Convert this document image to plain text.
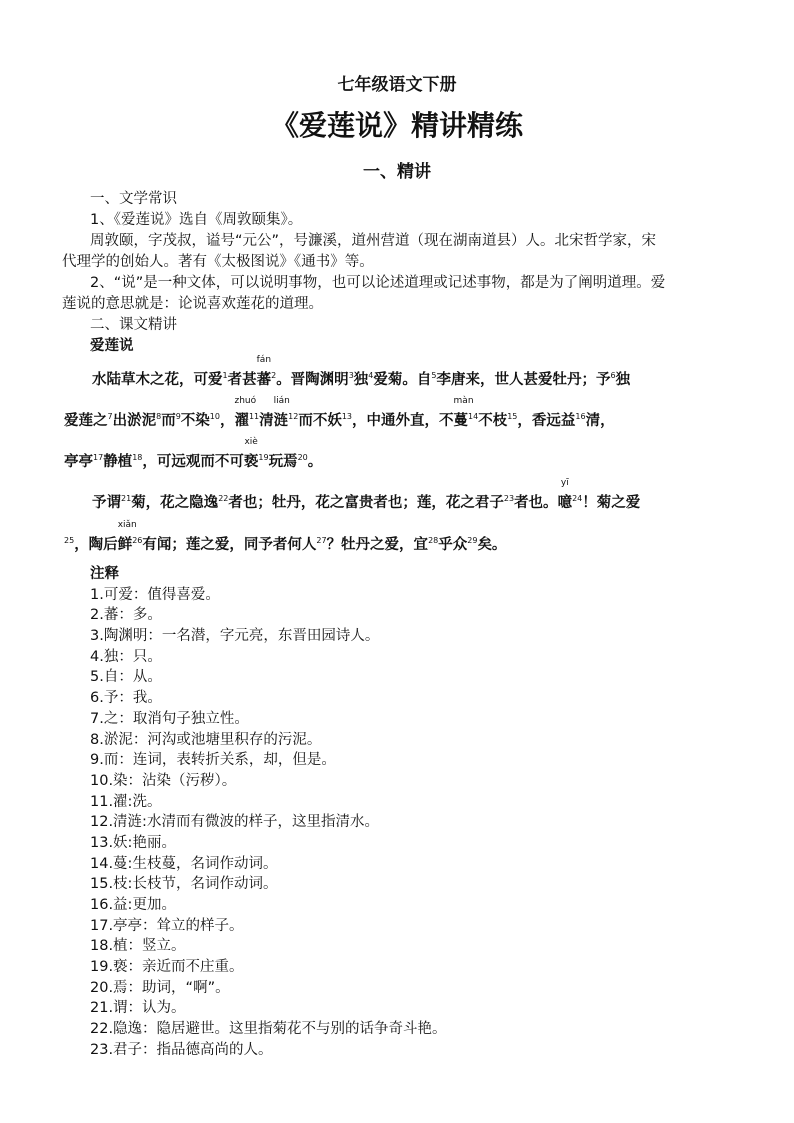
七年级语文下册
《爱莲说》精讲精练
一、精讲

一、文学常识

1、《爱莲说》选自《周敦颐集》。

周敦颐，字茂叔，谥号“元公”，号濂溪，道州营道（现在湖南道县）人。北宋哲学家，宋

代理学的创始人。著有《太极图说》《通书》等。

2、“说”是一种文体，可以说明事物，也可以论述道理或记述事物，都是为了阐明道理。爱

莲说的意思就是：论说喜欢莲花的道理。

二、课文精讲

爱莲说

水陆草木之花，可爱$^1$者甚
fán
蕃$^2$。晋陶渊明$^3$独$^4$爱菊。自$^5$李唐来，世人甚爱牡丹；予$^6$独
爱莲之$^7$出淤泥$^8$而$^9$不染$^{10}$，
zhuó
濯$^{11}$清
lián
涟$^{12}$而不妖$^{13}$，中通外直，不
màn
蔓$^{14}$不枝$^{15}$，香远益$^{16}$清，
亭亭$^{17}$静植$^{18}$，可远观而不可
xiè
亵$^{19}$玩焉$^{20}$。
予谓$^{21}$菊，花之隐逸$^{22}$者也；牡丹，花之富贵者也；莲，花之君子$^{23}$者也。
yī
噫$^{24}$！菊之爱
$^{25}$，陶后
xiǎn
鲜$^{26}$有闻；莲之爱，同予者何人$^{27}$？牡丹之爱，宜$^{28}$乎众$^{29}$矣。
注释
1.可爱：值得喜爱。
2.蕃：多。
3.陶渊明：一名潜，字元亮，东晋田园诗人。
4.独：只。
5.自：从。
6.予：我。
7.之：取消句子独立性。
8.淤泥：河沟或池塘里积存的污泥。
9.而：连词，表转折关系，却，但是。
10.染：沾染（污秽）。
11.濯:洗。
12.清涟:水清而有微波的样子，这里指清水。
13.妖:艳丽。
14.蔓:生枝蔓，名词作动词。
15.枝:长枝节，名词作动词。
16.益:更加。
17.亭亭：耸立的样子。
18.植：竖立。
19.亵：亲近而不庄重。
20.焉：助词，“啊”。
21.谓：认为。
22.隐逸：隐居避世。这里指菊花不与别的话争奇斗艳。
23.君子：指品德高尚的人。
